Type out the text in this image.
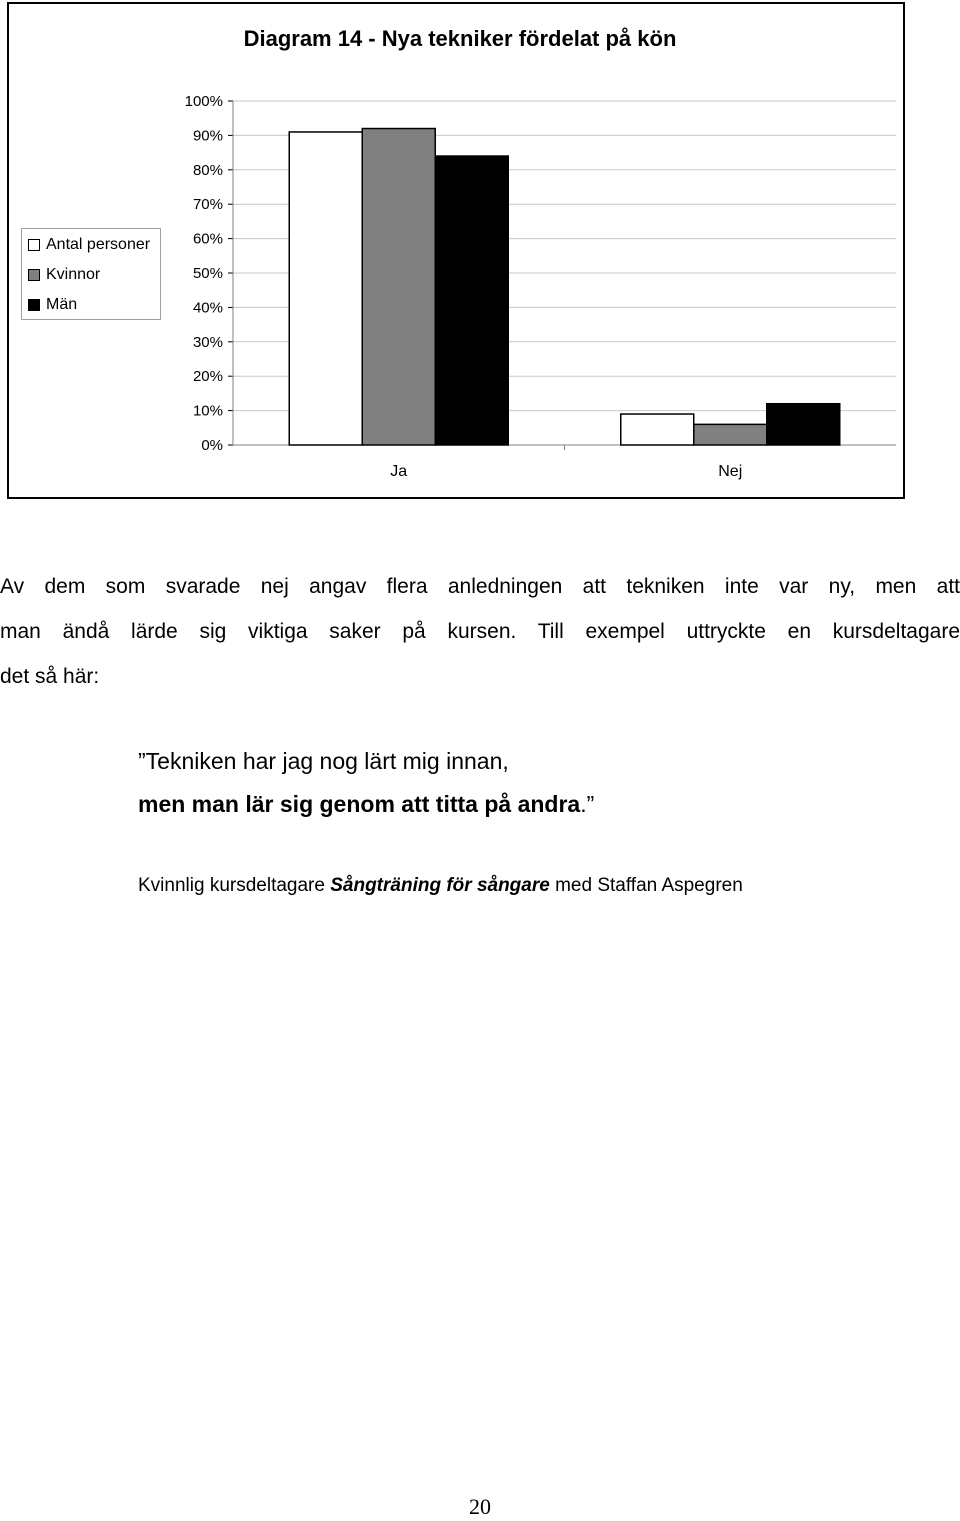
Diagram 14 - Nya tekniker fördelat på kön
0%
10%
20%
30%
40%
50%
60%
70%
80%
90%
100%
Ja	Nej
Antal personer
Kvinnor
Män
Av dem som svarade nej angav flera anledningen att tekniken inte var ny, men att
man ändå lärde sig viktiga saker på kursen. Till exempel uttryckte en kursdeltagare
det så här:
”Tekniken har jag nog lärt mig innan,
men man lär sig genom att titta på andra.”
Kvinnlig kursdeltagare Sångträning för sångare med Staffan Aspegren
20
